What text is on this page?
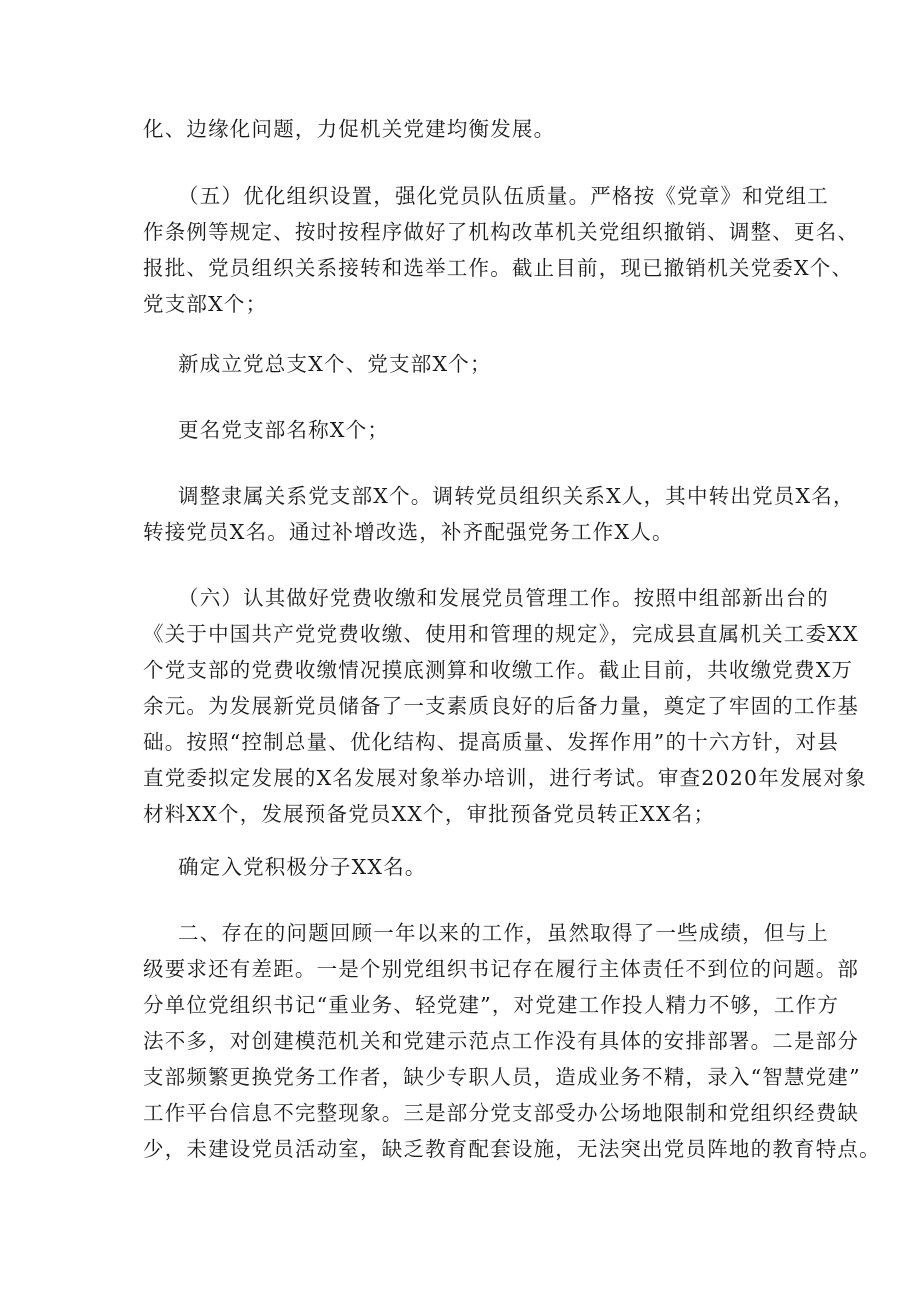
化、边缘化问题，力促机关党建均衡发展。
（五）优化组织设置，强化党员队伍质量。严格按《党章》和党组工
作条例等规定、按时按程序做好了机构改革机关党组织撤销、调整、更名、
报批、党员组织关系接转和选举工作。截止目前，现已撤销机关党委X个、
党支部X个；
新成立党总支X个、党支部X个；
更名党支部名称X个；
调整隶属关系党支部X个。调转党员组织关系X人，其中转出党员X名，
转接党员X名。通过补增改选，补齐配强党务工作X人。
（六）认其做好党费收缴和发展党员管理工作。按照中组部新出台的
《关于中国共产党党费收缴、使用和管理的规定》，完成县直属机关工委XX
个党支部的党费收缴情况摸底测算和收缴工作。截止目前，共收缴党费X万
余元。为发展新党员储备了一支素质良好的后备力量，奠定了牢固的工作基
础。按照“控制总量、优化结构、提高质量、发挥作用”的十六方针，对县
直党委拟定发展的X名发展对象举办培训，进行考试。审查2020年发展对象
材料XX个，发展预备党员XX个，审批预备党员转正XX名；
确定入党积极分子XX名。
二、存在的问题回顾一年以来的工作，虽然取得了一些成绩，但与上
级要求还有差距。一是个别党组织书记存在履行主体责任不到位的问题。部
分单位党组织书记“重业务、轻党建”，对党建工作投人精力不够，工作方
法不多，对创建模范机关和党建示范点工作没有具体的安排部署。二是部分
支部频繁更换党务工作者，缺少专职人员，造成业务不精，录入“智慧党建”
工作平台信息不完整现象。三是部分党支部受办公场地限制和党组织经费缺
少，未建设党员活动室，缺乏教育配套设施，无法突出党员阵地的教育特点。
